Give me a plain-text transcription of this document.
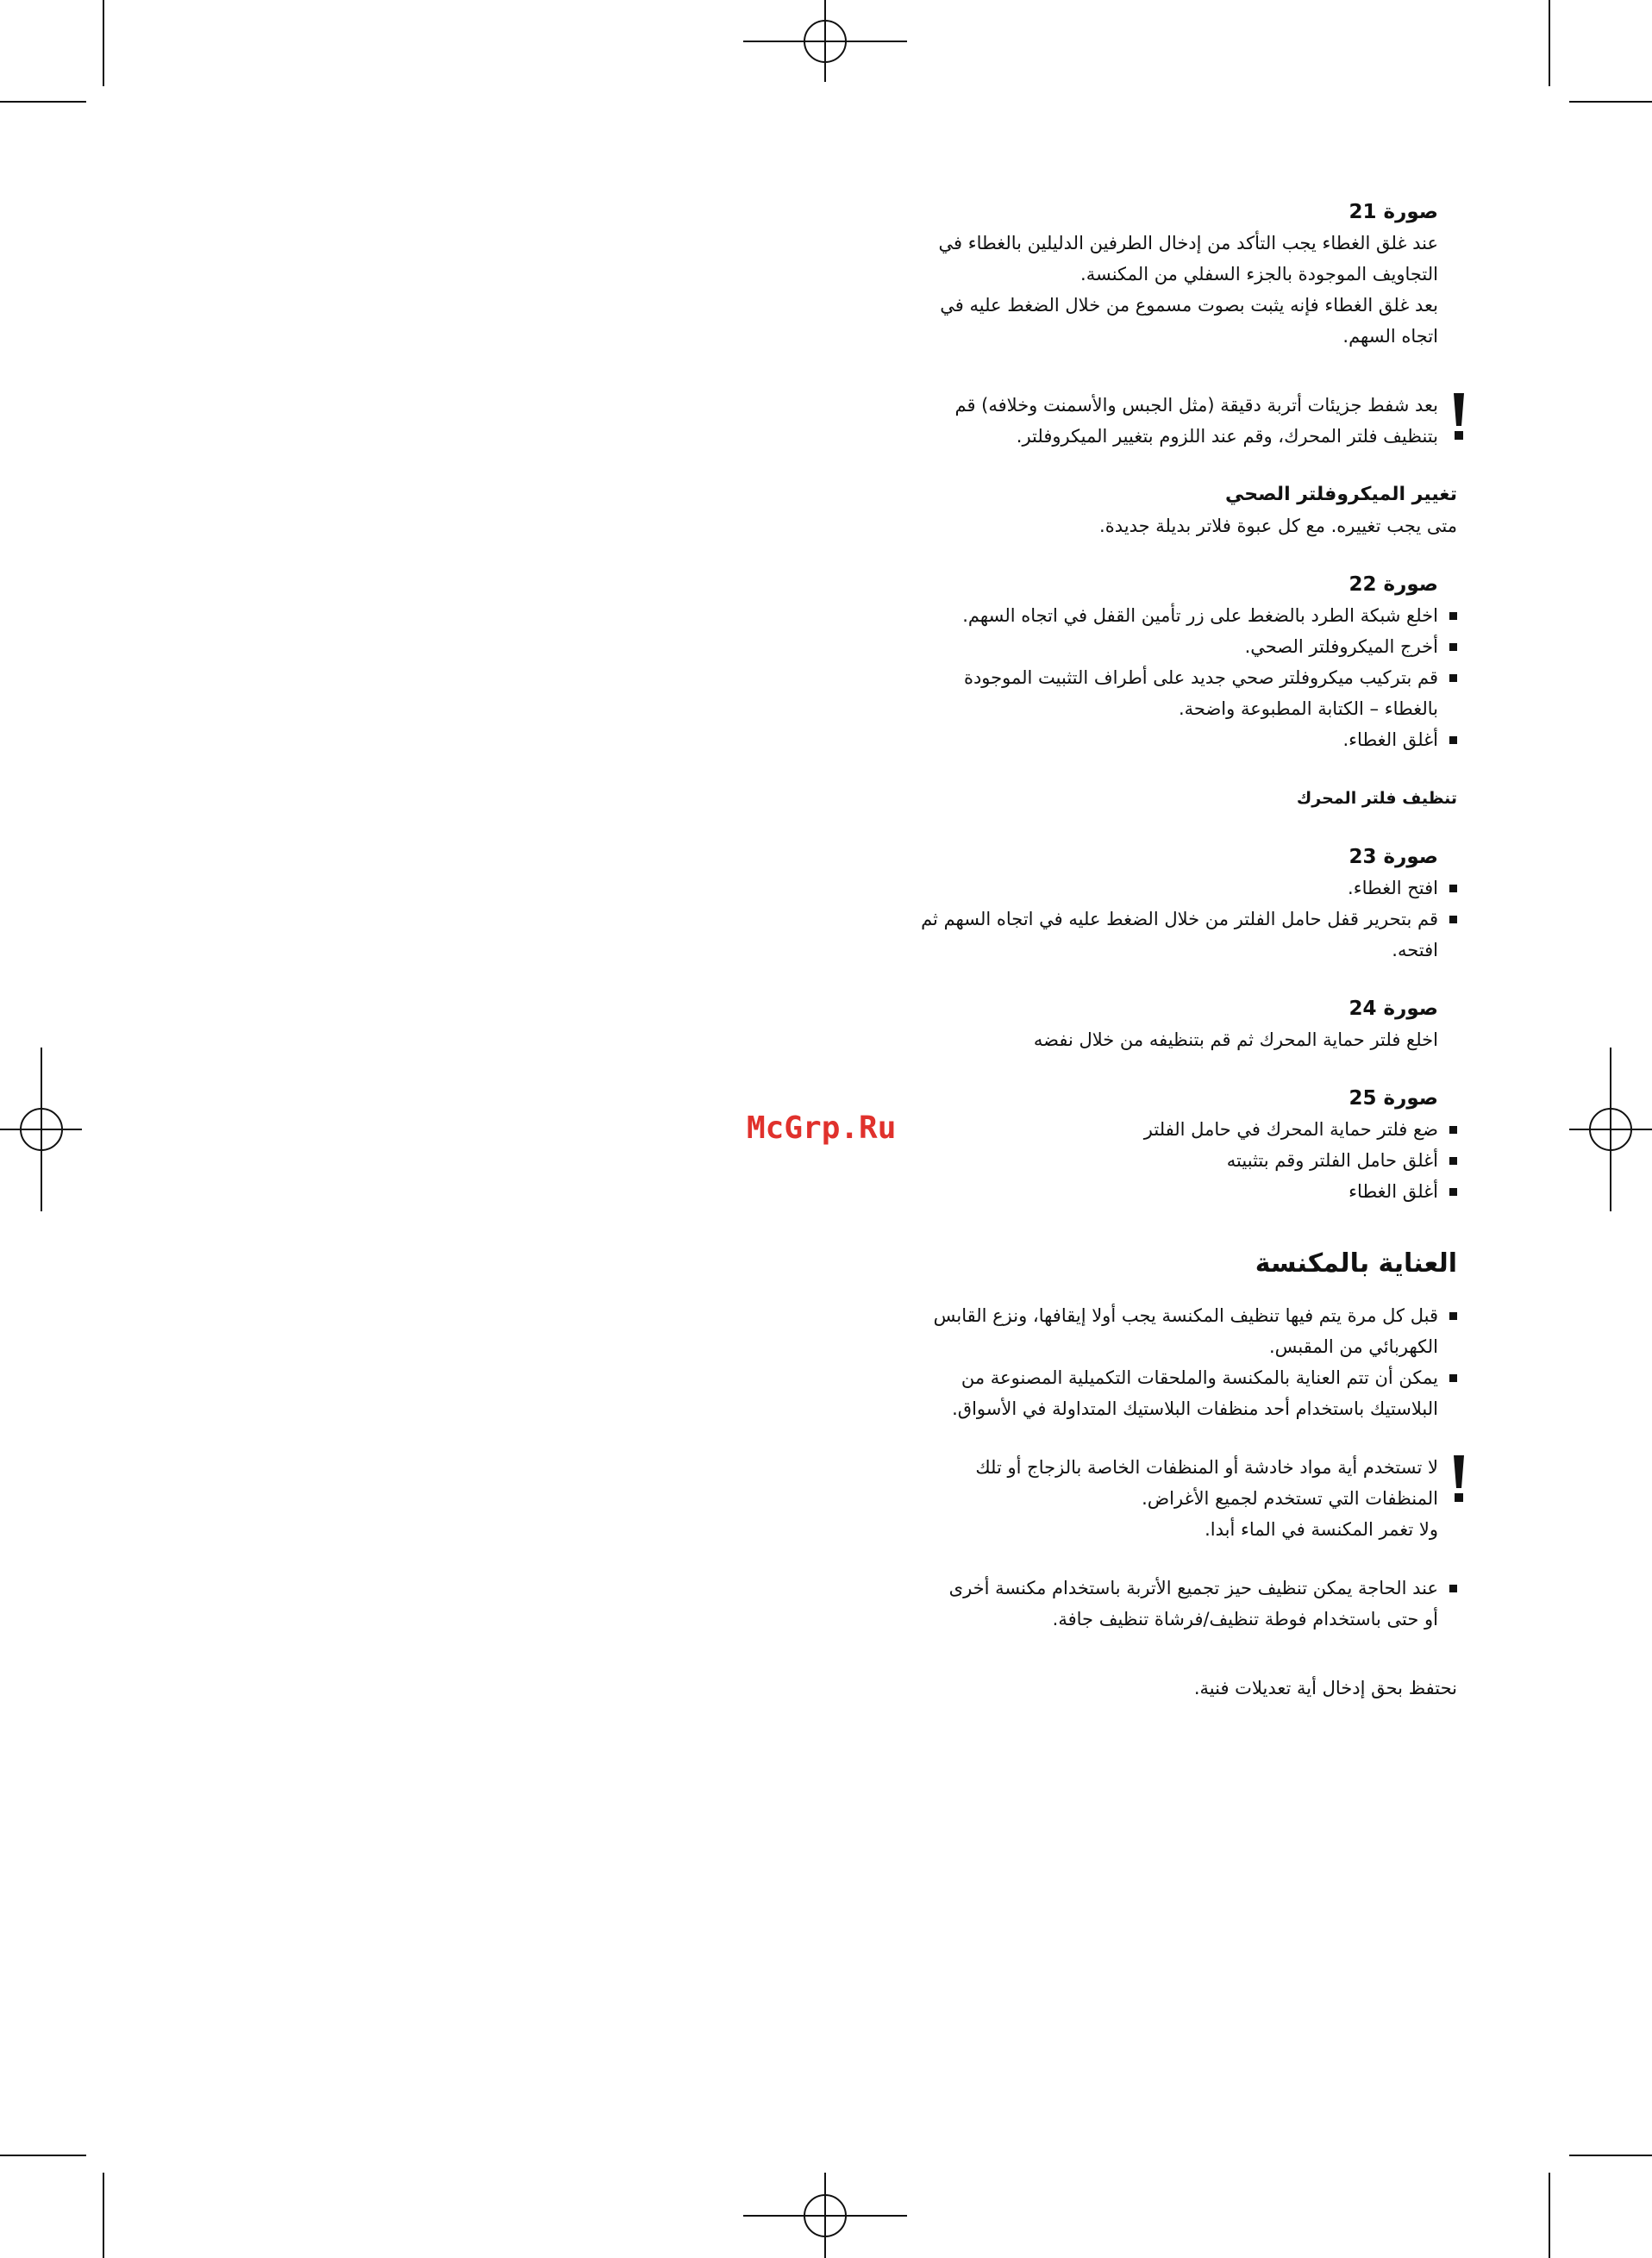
McGrp.Ru
صورة 21

عند غلق الغطاء يجب التأكد من إدخال الطرفين الدليلين بالغطاء في

التجاويف الموجودة بالجزء السفلي من المكنسة.

بعد غلق الغطاء فإنه يثبت بصوت مسموع من خلال الضغط عليه في

اتجاه السهم.

بعد شفط جزيئات أتربة دقيقة (مثل الجبس والأسمنت وخلافه) قم

بتنظيف فلتر المحرك، وقم عند اللزوم بتغيير الميكروفلتر.

تغيير الميكروفلتر الصحي

متى يجب تغييره. مع كل عبوة فلاتر بديلة جديدة.

صورة 22
اخلع شبكة الطرد بالضغط على زر تأمين القفل في اتجاه السهم.
أخرج الميكروفلتر الصحي.
قم بتركيب ميكروفلتر صحي جديد على أطراف التثبيت الموجودة
بالغطاء – الكتابة المطبوعة واضحة.
أغلق الغطاء.
تنظيف فلتر المحرك
صورة 23
افتح الغطاء.
قم بتحرير قفل حامل الفلتر من خلال الضغط عليه في اتجاه السهم ثم
افتحه.
صورة 24

اخلع فلتر حماية المحرك ثم قم بتنظيفه من خلال نفضه

صورة 25
ضع فلتر حماية المحرك في حامل الفلتر
أغلق حامل الفلتر وقم بتثبيته
أغلق الغطاء
العناية بالمكنسة
قبل كل مرة يتم فيها تنظيف المكنسة يجب أولا إيقافها، ونزع القابس
الكهربائي من المقبس.
يمكن أن تتم العناية بالمكنسة والملحقات التكميلية المصنوعة من
البلاستيك باستخدام أحد منظفات البلاستيك المتداولة في الأسواق.

لا تستخدم أية مواد خادشة أو المنظفات الخاصة بالزجاج أو تلك

المنظفات التي تستخدم لجميع الأغراض.

ولا تغمر المكنسة في الماء أبدا.

عند الحاجة يمكن تنظيف حيز تجميع الأتربة باستخدام مكنسة أخرى
أو حتى باستخدام فوطة تنظيف/فرشاة تنظيف جافة.

نحتفظ بحق إدخال أية تعديلات فنية.
